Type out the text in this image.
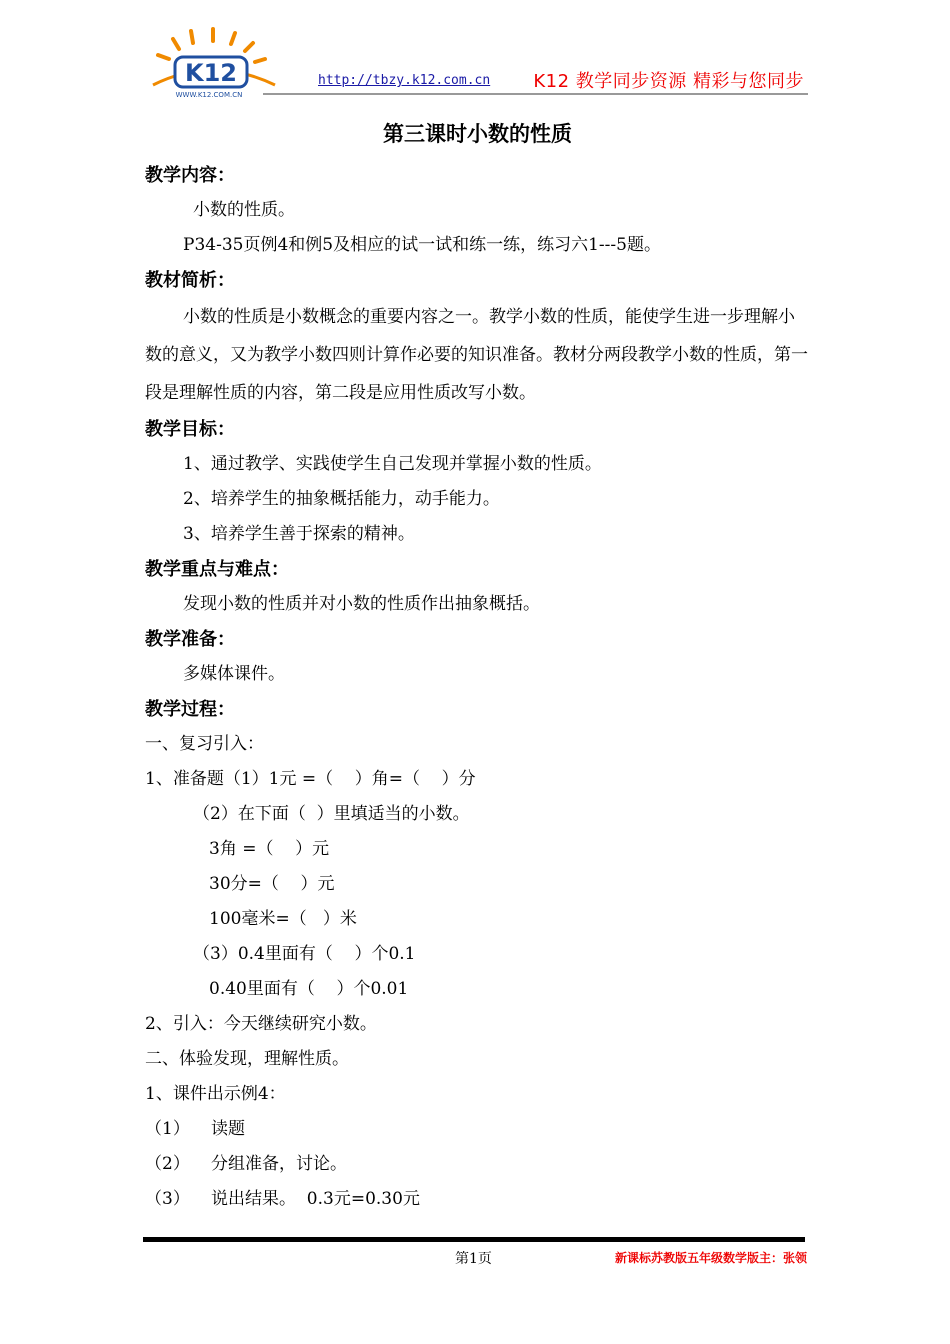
K12
WWW.K12.COM.CN
http://tbzy.k12.com.cn K12 教学同步资源 精彩与您同步
第三课时小数的性质
教学内容：
小数的性质。
P34-35页例4和例5及相应的试一试和练一练，练习六1---5题。
教材简析：
小数的性质是小数概念的重要内容之一。教学小数的性质，能使学生进一步理解小数的意义，又为教学小数四则计算作必要的知识准备。教材分两段教学小数的性质，第一段是理解性质的内容，第二段是应用性质改写小数。
教学目标：
1、通过教学、实践使学生自己发现并掌握小数的性质。
2、培养学生的抽象概括能力，动手能力。
3、培养学生善于探索的精神。
教学重点与难点：
发现小数的性质并对小数的性质作出抽象概括。
教学准备：
多媒体课件。
教学过程：
一、复习引入：
1、准备题（1）1元 =（    ）角=（    ）分
（2）在下面（  ）里填适当的小数。
3角 =（    ）元
30分=（    ）元
100毫米=（   ）米
（3）0.4里面有（    ）个0.1
0.40里面有（    ）个0.01
2、引入：今天继续研究小数。
二、体验发现，理解性质。
1、课件出示例4：
（1）	读题
（2）	分组准备，讨论。
（3）	说出结果。  0.3元=0.30元
第1页	新课标苏教版五年级数学版主：张领
